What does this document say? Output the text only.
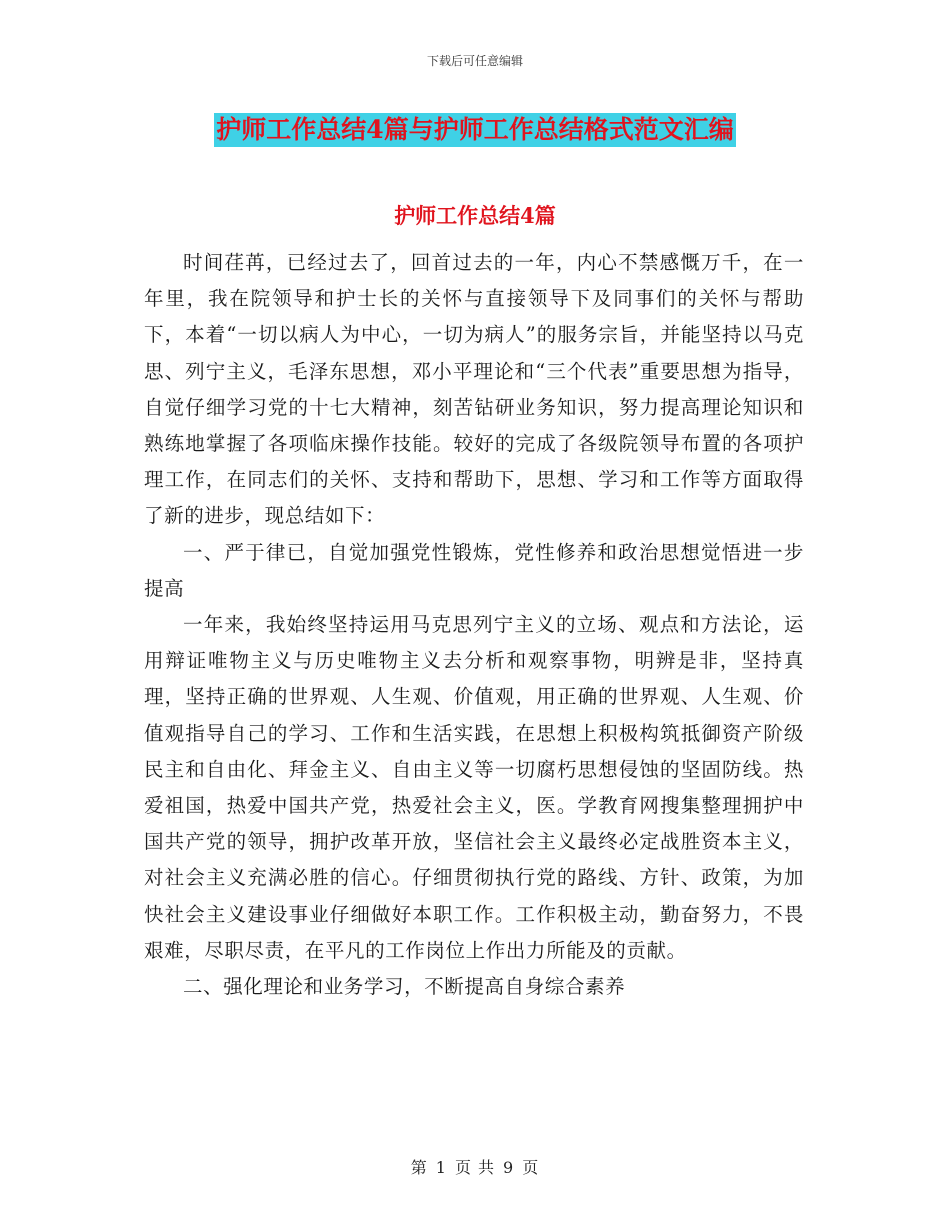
下载后可任意编辑
护师工作总结4篇与护师工作总结格式范文汇编
护师工作总结4篇

时间荏苒，已经过去了，回首过去的一年，内心不禁感慨万千，在一年里，我在院领导和护士长的关怀与直接领导下及同事们的关怀与帮助下，本着“一切以病人为中心，一切为病人”的服务宗旨，并能坚持以马克思、列宁主义，毛泽东思想，邓小平理论和“三个代表”重要思想为指导，自觉仔细学习党的十七大精神，刻苦钻研业务知识，努力提高理论知识和熟练地掌握了各项临床操作技能。较好的完成了各级院领导布置的各项护理工作，在同志们的关怀、支持和帮助下，思想、学习和工作等方面取得了新的进步，现总结如下：

一、严于律已，自觉加强党性锻炼，党性修养和政治思想觉悟进一步提高

一年来，我始终坚持运用马克思列宁主义的立场、观点和方法论，运用辩证唯物主义与历史唯物主义去分析和观察事物，明辨是非，坚持真理，坚持正确的世界观、人生观、价值观，用正确的世界观、人生观、价值观指导自己的学习、工作和生活实践，在思想上积极构筑抵御资产阶级民主和自由化、拜金主义、自由主义等一切腐朽思想侵蚀的坚固防线。热爱祖国，热爱中国共产党，热爱社会主义，医。学教育网搜集整理拥护中国共产党的领导，拥护改革开放，坚信社会主义最终必定战胜资本主义，对社会主义充满必胜的信心。仔细贯彻执行党的路线、方针、政策，为加快社会主义建设事业仔细做好本职工作。工作积极主动，勤奋努力，不畏艰难，尽职尽责，在平凡的工作岗位上作出力所能及的贡献。

二、强化理论和业务学习，不断提高自身综合素养

第 1 页 共 9 页
